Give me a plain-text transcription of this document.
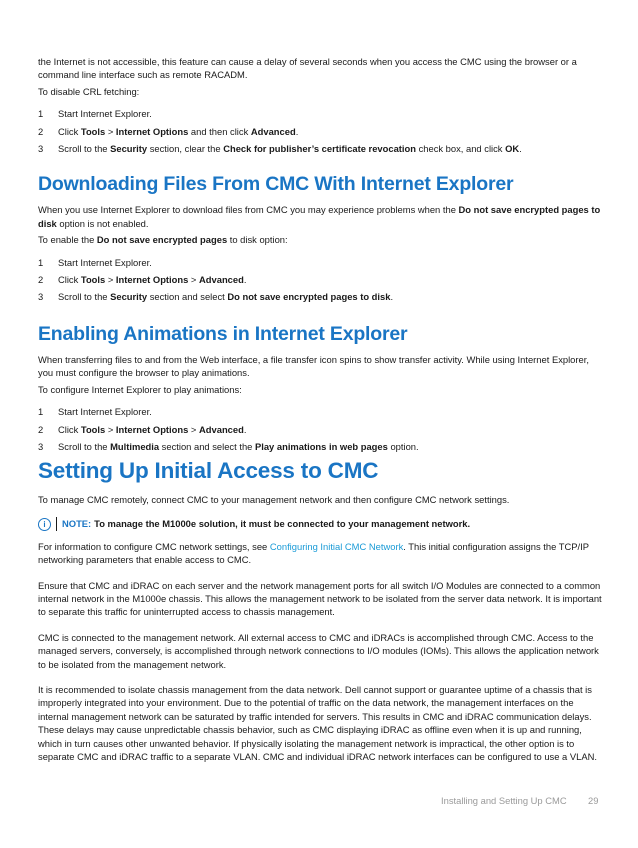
the Internet is not accessible, this feature can cause a delay of several seconds when you access the CMC using the browser or a command line interface such as remote RACADM.

To disable CRL fetching:

1	Start Internet Explorer.
2	Click Tools > Internet Options and then click Advanced.
3	Scroll to the Security section, clear the Check for publisher’s certificate revocation check box, and click OK.
Downloading Files From CMC With Internet Explorer

When you use Internet Explorer to download files from CMC you may experience problems when the Do not save encrypted pages to disk option is not enabled.

To enable the Do not save encrypted pages to disk option:

1	Start Internet Explorer.
2	Click Tools > Internet Options > Advanced.
3	Scroll to the Security section and select Do not save encrypted pages to disk.
Enabling Animations in Internet Explorer

When transferring files to and from the Web interface, a file transfer icon spins to show transfer activity. While using Internet Explorer, you must configure the browser to play animations.

To configure Internet Explorer to play animations:

1	Start Internet Explorer.
2	Click Tools > Internet Options > Advanced.
3	Scroll to the Multimedia section and select the Play animations in web pages option.
Setting Up Initial Access to CMC

To manage CMC remotely, connect CMC to your management network and then configure CMC network settings.

i	NOTE: To manage the M1000e solution, it must be connected to your management network.

For information to configure CMC network settings, see Configuring Initial CMC Network. This initial configuration assigns the TCP/IP networking parameters that enable access to CMC.

Ensure that CMC and iDRAC on each server and the network management ports for all switch I/O Modules are connected to a common internal network in the M1000e chassis. This allows the management network to be isolated from the server data network. It is important to separate this traffic for uninterrupted access to chassis management.

CMC is connected to the management network. All external access to CMC and iDRACs is accomplished through CMC. Access to the managed servers, conversely, is accomplished through network connections to I/O modules (IOMs). This allows the application network to be isolated from the management network.

It is recommended to isolate chassis management from the data network. Dell cannot support or guarantee uptime of a chassis that is improperly integrated into your environment. Due to the potential of traffic on the data network, the management interfaces on the internal management network can be saturated by traffic intended for servers. This results in CMC and iDRAC communication delays. These delays may cause unpredictable chassis behavior, such as CMC displaying iDRAC as offline even when it is up and running, which in turn causes other unwanted behavior. If physically isolating the management network is impractical, the other option is to separate CMC and iDRAC traffic to a separate VLAN. CMC and individual iDRAC network interfaces can be configured to use a VLAN.

Installing and Setting Up CMC 29
